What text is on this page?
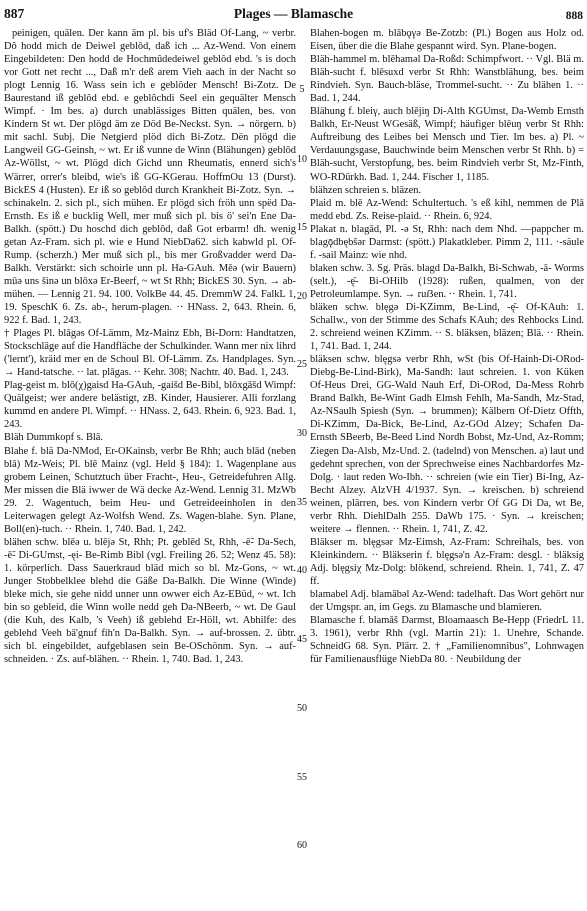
887	Plages — Blamasche	888

peinigen, quälen. Der kann äm pl. bis uf's Bläd Of-Lang, ~ verbr. Dô hodd mich de Deiwel geblôd, daß ich ... Az-Wend. Von einem Eingebildeten: Den hodd de Hochmûdedeiwel geblôd ebd. 's is doch vor Gott net recht ..., Daß m'r deß arem Vieh aach in der Nacht so plogt Lennig 16. Wass sein ich e geblöder Mensch! Bi-Zotz. De Baurestand iß geblôd ebd. e geblôchdi Seel ein gequälter Mensch Wimpf. · Im bes. a) durch unablässiges Bitten quälen, bes. von Kindern St wt. Der plögd äm ze Död Be-Neckst. Syn. → nörgern. b) mit sachl. Subj. Die Netgierd plöd dich Bi-Zotz. Dën plögd die Langweil GG-Geinsh, ~ wt. Er iß vunne de Winn (Blähungen) geblôd Az-Wöllst, ~ wt. Plögd dich Gichd unn Rheumatis, ennerd sich's Wärrer, orrer's bleibd, wie's iß GG-KGerau. HoffmOu 13 (Durst). BickES 4 (Husten). Er iß so geblôd durch Krankheit Bi-Zotz. Syn. → schinakeln. 2. sich pl., sich mühen. Er plögd sich fröh unn spëd Da-Ernsth. Es iß e bucklig Well, mer muß sich pl. bis ö' sei'n Ene Da-Balkh. (spött.) Du hoschd dich geblôd, daß Got erbarm! dh. wenig getan Az-Fram. sich pl. wie e Hund NiebDa62. sich kabwld pl. Of-Rump. (scherzh.) Mer muß sich pl., bis mer Großvadder werd Da-Balkh. Verstärkt: sich schoirle unn pl. Ha-GAuh. Mēə (wir Bauern) mūə uns šinə un blōxə Er-Beerf, ~ wt St Rhh; BickES 30. Syn. → ab-mühen. — Lennig 21. 94. 100. VolkBe 44. 45. DremmW 24. FalkL 1, 19. SpeschK 6. Zs. ab-, herum-plagen. ·· HNass. 2, 643. Rhein. 6, 922 f. Bad. 1, 243.

† Plages Pl. blāgəs Of-Lämm, Mz-Mainz Ebh, Bi-Dorn: Handtatzen, Stockschläge auf die Handfläche der Schulkinder. Wann mer nix lihrd ('lernt'), kräid mer en de Schoul Bl. Of-Lämm. Zs. Handplages. Syn. → Hand-tatsche. ·· lat. plāgas. ·· Kehr. 308; Nachtr. 40. Bad. 1, 243.

Plag-geist m. blō(χ)gaisd Ha-GAuh, -gaišd Be-Bibl, blōxgāšd Wimpf: Quälgeist; wer andere belästigt, zB. Kinder, Hausierer. Alli forzlang kummd en andere Pl. Wimpf. ·· HNass. 2, 643. Rhein. 6, 923. Bad. 1, 243.

Bläh Dummkopf s. Blä.

Blahe f. blä Da-NMod, Er-OKainsb, verbr Be Rhh; auch blād (neben blā) Mz-Weis; Pl. blē Mainz (vgl. Held § 184): 1. Wagenplane aus grobem Leinen, Schutztuch über Fracht-, Heu-, Getreidefuhren Allg. Mer missen die Blä iwwer de Wä decke Az-Wend. Lennig 31. MzWb 29. 2. Wagentuch, beim Heu- und Getreideeinholen in den Leiterwagen gelegt Az-Wolfsh Wend. Zs. Wagen-blahe. Syn. Plane, Boll(en)-tuch. ·· Rhein. 1, 740. Bad. 1, 242.

blähen schw. blēə u. blējə St, Rhh; Pt. geblēd St, Rhh, -ē̃- Da-Sech, -ē̃- Di-GUmst, -ęi- Be-Rimb Bibl (vgl. Freiling 26. 52; Wenz 45. 58): 1. körperlich. Dass Sauerkraud bläd mich so bl. Mz-Gons, ~ wt. Junger Stobbelklee blehd die Gäße Da-Balkh. Die Winne (Winde) bleke mich, sie gehe nidd unner unn owwer eich Az-EBüd, ~ wt. Ich bin so gebleid, die Winn wolle nedd geh Da-NBeerb, ~ wt. De Gaul (die Kuh, des Kalb, 's Veeh) iß geblehd Er-Höll, wt. Abhilfe: des geblehd Veeh bā'gnuf fih'n Da-Balkh. Syn. → auf-brossen. 2. übtr. sich bl. eingebildet, aufgeblasen sein Be-OSchönm. Syn. → auf-schneiden. · Zs. auf-blähen. ·· Rhein. 1, 740. Bad. 1, 243.

5
10
15
20
25
30
35
40
45
50
55
60

Blahen-bogen m. blābǫγə Be-Zotzb: (Pl.) Bogen aus Holz od. Eisen, über die die Blahe gespannt wird. Syn. Plane-bogen.

Bläh-hammel m. blēhamǝl Da-Roßd: Schimpfwort. ·· Vgl. Blä m.

Bläh-sucht f. blēsuxd verbr St Rhh: Wanstblähung, bes. beim Rindvieh. Syn. Bauch-bläse, Trommel-sucht. ·· Zu blähen 1. ·· Bad. 1, 244.

Blähung f. bleiγ, auch blējiŋ Di-Alth KGUmst, Da-Wemb Ernsth Balkh, Er-Neust WGesäß, Wimpf; häufiger blēuŋ verbr St Rhh: Auftreibung des Leibes bei Mensch und Tier. Im bes. a) Pl. ~ Verdauungsgase, Bauchwinde beim Menschen verbr St Rhh. b) = Bläh-sucht, Verstopfung, bes. beim Rindvieh verbr St, Mz-Finth, WO-RDürkh. Bad. 1, 244. Fischer 1, 1185.

blähzen schreien s. bläzen.

Plaid m. blē Az-Wend: Schultertuch. 's eß kihl, nemmen de Plā medd ebd. Zs. Reise-plaid. ·· Rhein. 6, 924.

Plakat n. blagād, Pl. -ə St, Rhh: nach dem Nhd. —pappcher m. blagǭdbębšǝr Darmst: (spött.) Plakatkleber. Pimm 2, 111. ·-säule f. -sail Mainz: wie nhd.

blaken schw. 3. Sg. Präs. blagd Da-Balkh, Bi-Schwab, -ā- Worms (selt.), -ę̄- Bi-OHilb (1928): rußen, qualmen, von der Petroleumlampe. Syn. → ruẞen. ·· Rhein. 1, 741.

bläken schw. blęgə Di-KZimm, Be-Lind, -ę̄- Of-KAuh: 1. Schallw., von der Stimme des Schafs KAuh; des Rehbocks Lind. 2. schreiend weinen KZimm. ·· S. bläksen, bläzen; Blä. ·· Rhein. 1, 741. Bad. 1, 244.

bläksen schw. blęgsə verbr Rhh, wSt (bis Of-Hainh-Di-ORod-Diebg-Be-Lind-Birk), Ma-Sandh: laut schreien. 1. von Küken Of-Heus Drei, GG-Wald Nauh Erf, Di-ORod, Da-Mess Rohrb Brand Balkh, Be-Wint Gadh Elmsh Fehlh, Ma-Sandh, Mz-Stad, Az-NSaulh Spiesh (Syn. → brummen); Kälbern Of-Dietz Offth, Di-KZimm, Da-Bick, Be-Lind, Az-GOd Alzey; Schafen Da-Ernsth SBeerb, Be-Beed Lind Nordh Bobst, Mz-Und, Az-Romm; Ziegen Da-Alsb, Mz-Und. 2. (tadelnd) von Menschen. a) laut und gedehnt sprechen, von der Sprechweise eines Nachbardorfes Mz-Dolg. · laut reden Wo-Ibh. ·· schreien (wie ein Tier) Bi-Ing, Az-Becht Alzey. AlzVH 4/1937. Syn. → kreischen. b) schreiend weinen, plärren, bes. von Kindern verbr Of GG Di Da, wt Be, verbr Rhh. DiehlDalh 255. DaWb 175. · Syn. → kreischen; weitere → flennen. ·· Rhein. 1, 741, Z. 42.

Bläkser m. blęgsər Mz-Eimsh, Az-Fram: Schreihals, bes. von Kleinkindern. ·· Bläkserin f. blęgsə'n Az-Fram: desgl. · bläksig Adj. blęgsiχ Mz-Dolg: blökend, schreiend. Rhein. 1, 741, Z. 47 ff.

blamabel Adj. blamābǝl Az-Wend: tadelhaft. Das Wort gehört nur der Umgspr. an, im Gegs. zu Blamasche und blamieren.

Blamasche f. blamāš Darmst, Bloamaasch Be-Hepp (FriedrL 11. 3. 1961), verbr Rhh (vgl. Martin 21): 1. Unehre, Schande. SchneidG 68. Syn. Plärr. 2. † „Familienomnibus", Lohnwagen für Familienausflüge NiebDa 80. · Neubildung der
